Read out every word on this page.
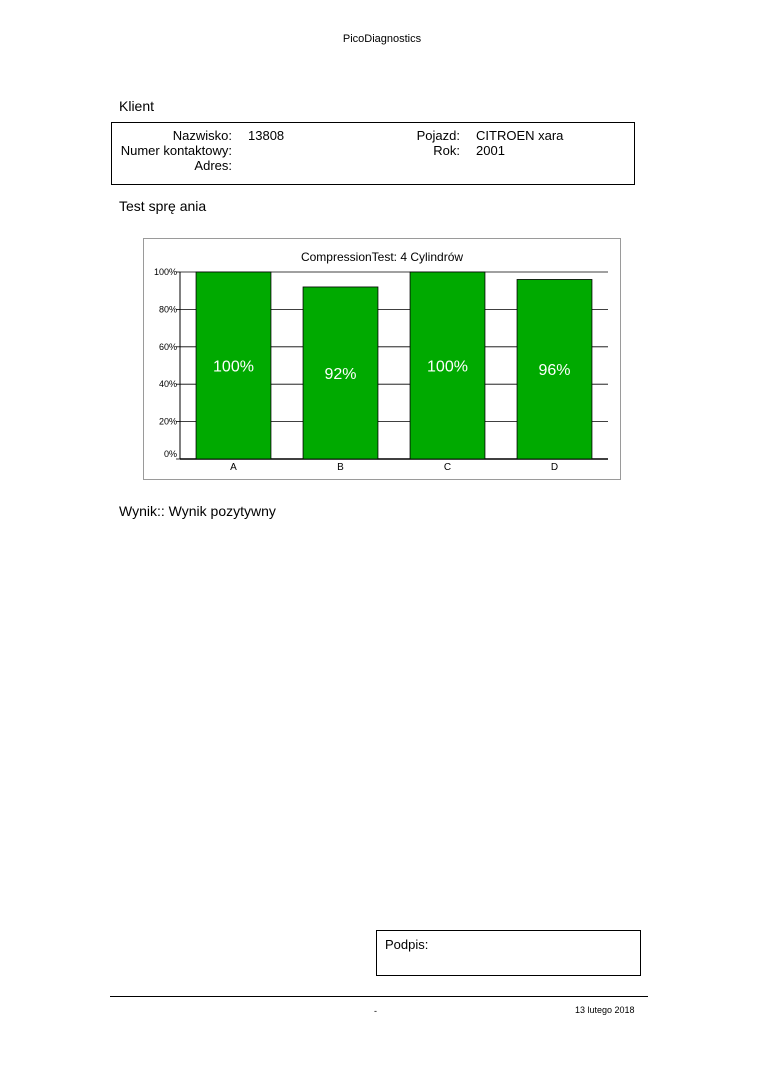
PicoDiagnostics
Klient
Nazwisko:
Numer kontaktowy:
Adres:
13808	Pojazd:
Rok:
CITROEN xara
2001
Test sprę ania
CompressionTest: 4 Cylindrów
0%
20%
40%
60%
80%
100%
100%
A
92%
B
100%
C
96%
D
Wynik:: Wynik pozytywny
Podpis:
-	13 lutego 2018
